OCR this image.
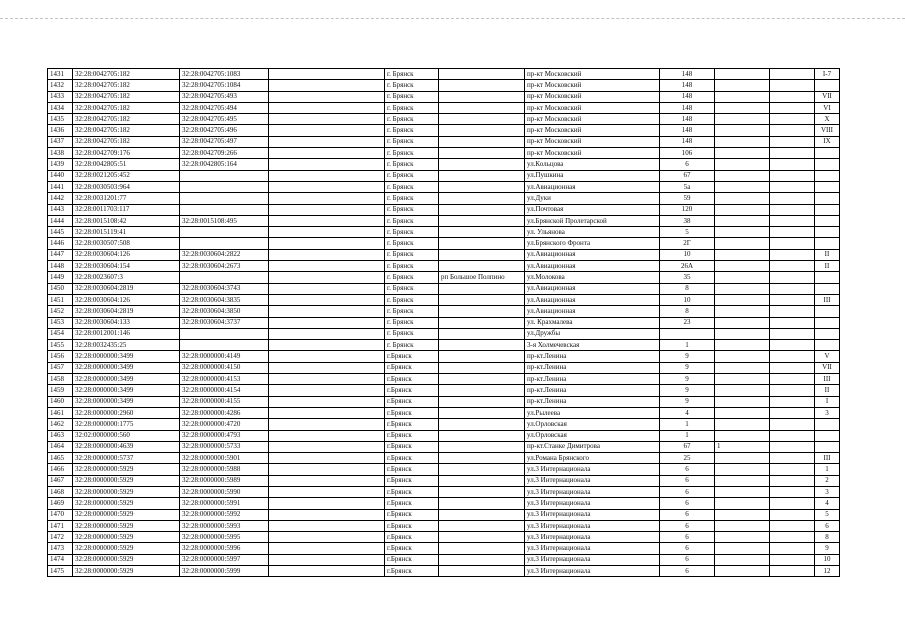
1431	32:28:0042705:182	32:28:0042705:1083		г. Брянск		пр-кт Московский	148			I-7
1432	32:28:0042705:182	32:28:0042705:1084		г. Брянск		пр-кт Московский	148			
1433	32:28:0042705:182	32:28:0042705:493		г. Брянск		пр-кт Московский	148			VII
1434	32:28:0042705:182	32:28:0042705:494		г. Брянск		пр-кт Московский	148			VI
1435	32:28:0042705:182	32:28:0042705:495		г. Брянск		пр-кт Московский	148			X
1436	32:28:0042705:182	32:28:0042705:496		г. Брянск		пр-кт Московский	148			VIII
1437	32:28:0042705:182	32:28:0042705:497		г. Брянск		пр-кт Московский	148			IX
1438	32:28:0042709:176	32:28:0042709:266		г. Брянск		пр-кт Московский	106			
1439	32:28:0042805:51	32:28:0042805:164		г. Брянск		ул.Кольцова	6			
1440	32:28:0021205:452			г. Брянск		ул.Пушкина	67			
1441	32:28:0030503:964			г. Брянск		ул.Авиационная	5а			
1442	32:28:0031201:77			г. Брянск		ул.Дуки	59			
1443	32:28:0011703:117			г. Брянск		ул.Почтовая	120			
1444	32:28:0015108:42	32:28:0015108:495		г. Брянск		ул.Брянской Пролетарской	38			
1445	32:28:0015119:41			г. Брянск		ул. Ульянова	5			
1446	32:28:0030507:508			г. Брянск		ул.Брянского Фронта	2Г			
1447	32:28:0030604:126	32:28:0030604:2822		г. Брянск		ул.Авиационная	10			II
1448	32:28:0030604:154	32:28:0030604:2673		г. Брянск		ул.Авиационная	26А			II
1449	32:28:0023607:3			г. Брянск	рп Большое Полпино	ул.Молокова	35			
1450	32:28:0030604:2819	32:28:0030604:3743		г. Брянск		ул.Авиационная	8			
1451	32:28:0030604:126	32:28:0030604:3835		г. Брянск		ул.Авиационная	10			III
1452	32:28:0030604:2819	32:28:0030604:3850		г. Брянск		ул.Авиационная	8			
1453	32:28:0030604:133	32:28:0030604:3737		г. Брянск		ул. Крахмалева	23			
1454	32:28:0012001:146			г. Брянск		ул.Дружбы				
1455	32:28:0032435:25			г. Брянск		3-я Холмечевская	1			
1456	32:28:0000000:3499	32:28:0000000:4149		г.Брянск		пр-кт.Ленина	9			V
1457	32:28:0000000:3499	32:28:0000000:4150		г.Брянск		пр-кт.Ленина	9			VII
1458	32:28:0000000:3499	32:28:0000000:4153		г.Брянск		пр-кт.Ленина	9			III
1459	32:28:0000000:3499	32:28:0000000:4154		г.Брянск		пр-кт.Ленина	9			II
1460	32:28:0000000:3499	32:28:0000000:4155		г.Брянск		пр-кт.Ленина	9			I
1461	32:28:0000000:2960	32:28:0000000:4286		г.Брянск		ул.Рылеева	4			3
1462	32:28:0000000:1775	32:28:0000000:4720		г.Брянск		ул.Орловская	1			
1463	32:02:0000000:560	32:28:0000000:4793		г.Брянск		ул.Орловская	1			
1464	32:28:0000000:4639	32:28:0000000:5733		г.Брянск		пр-кт.Станке Димитрова	67	1		
1465	32:28:0000000:5737	32:28:0000000:5901		г.Брянск		ул.Романа Брянского	25			III
1466	32:28:0000000:5929	32:28:0000000:5988		г.Брянск		ул.3 Интернационала	6			1
1467	32:28:0000000:5929	32:28:0000000:5989		г.Брянск		ул.3 Интернационала	6			2
1468	32:28:0000000:5929	32:28:0000000:5990		г.Брянск		ул.3 Интернационала	6			3
1469	32:28:0000000:5929	32:28:0000000:5991		г.Брянск		ул.3 Интернационала	6			4
1470	32:28:0000000:5929	32:28:0000000:5992		г.Брянск		ул.3 Интернационала	6			5
1471	32:28:0000000:5929	32:28:0000000:5993		г.Брянск		ул.3 Интернационала	6			6
1472	32:28:0000000:5929	32:28:0000000:5995		г.Брянск		ул.3 Интернационала	6			8
1473	32:28:0000000:5929	32:28:0000000:5996		г.Брянск		ул.3 Интернационала	6			9
1474	32:28:0000000:5929	32:28:0000000:5997		г.Брянск		ул.3 Интернационала	6			10
1475	32:28:0000000:5929	32:28:0000000:5999		г.Брянск		ул.3 Интернационала	6			12
